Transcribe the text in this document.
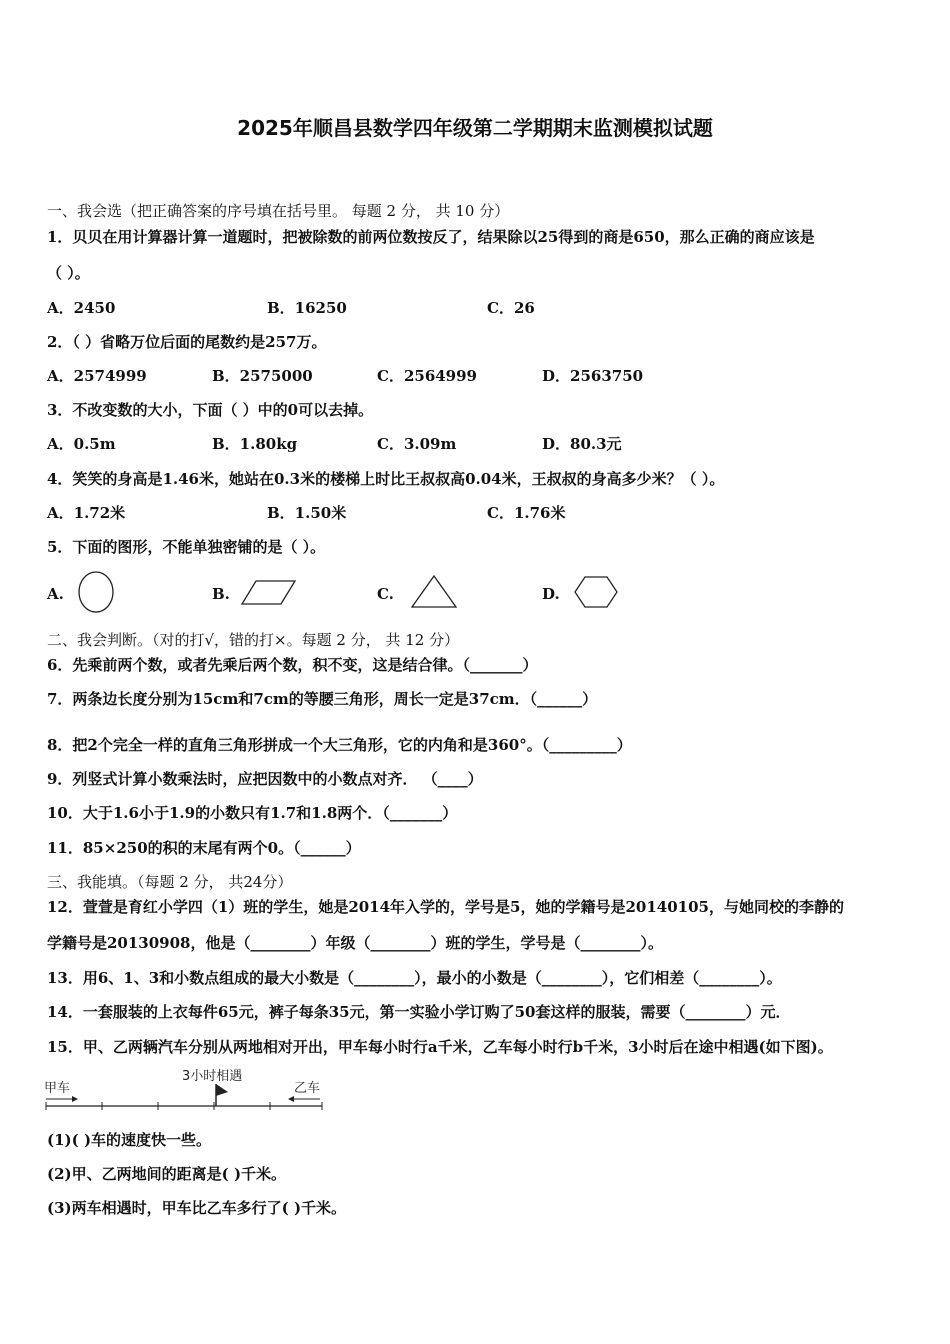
2025年顺昌县数学四年级第二学期期末监测模拟试题
一、我会选（把正确答案的序号填在括号里。 每题 2 分， 共 10 分）
1．贝贝在用计算器计算一道题时，把被除数的前两位数按反了，结果除以25得到的商是650，那么正确的商应该是
（ ）。
A．2450	B．16250	C．26
2．（ ）省略万位后面的尾数约是257万。
A．2574999	B．2575000	C．2564999	D．2563750
3．不改变数的大小，下面（ ）中的0可以去掉。
A．0.5m	B．1.80kg	C．3.09m	D．80.3元
4．笑笑的身高是1.46米，她站在0.3米的楼梯上时比王叔叔高0.04米，王叔叔的身高多少米？（ ）。
A．1.72米	B．1.50米	C．1.76米
5．下面的图形，不能单独密铺的是（ ）。
A.	B.	C.	D.
二、我会判断。（对的打√，错的打×。每题 2 分， 共 12 分）
6．先乘前两个数，或者先乘后两个数，积不变，这是结合律。（_______）
7．两条边长度分别为15cm和7cm的等腰三角形，周长一定是37cm．（______）
8．把2个完全一样的直角三角形拼成一个大三角形，它的内角和是360°。（_________）
9．列竖式计算小数乘法时，应把因数中的小数点对齐． （____）
10．大于1.6小于1.9的小数只有1.7和1.8两个．（_______）
11．85×250的积的末尾有两个0。（______）
三、我能填。（每题 2 分， 共24分）
12．萱萱是育红小学四（1）班的学生，她是2014年入学的，学号是5，她的学籍号是20140105，与她同校的李静的
学籍号是20130908，他是（________）年级（________）班的学生，学号是（________）。
13．用6、1、3和小数点组成的最大小数是（________），最小的小数是（________），它们相差（________）。
14．一套服装的上衣每件65元，裤子每条35元，第一实验小学订购了50套这样的服装，需要（________）元．
15．甲、乙两辆汽车分别从两地相对开出，甲车每小时行a千米，乙车每小时行b千米，3小时后在途中相遇(如下图)。
甲车
3小时相遇
乙车
(1)( )车的速度快一些。
(2)甲、乙两地间的距离是( )千米。
(3)两车相遇时，甲车比乙车多行了( )千米。
